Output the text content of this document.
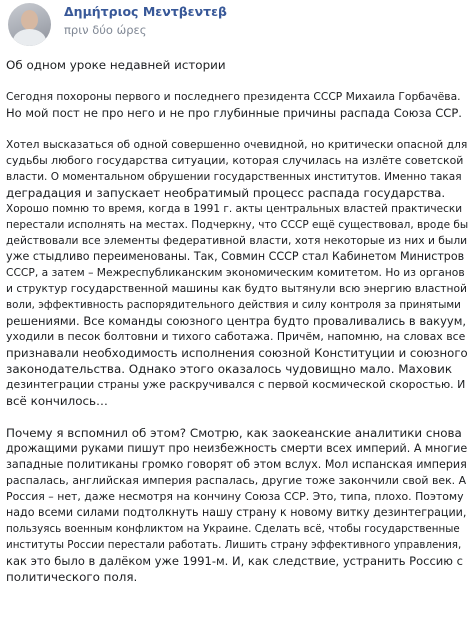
Δημήτριος Μεντβεντεβ
πριν δύο ώρες
Об одном уроке недавней истории
Сегодня похороны первого и последнего президента СССР Михаила Горбачёва.
Но мой пост не про него и не про глубинные причины распада Союза ССР.
Хотел высказаться об одной совершенно очевидной, но критически опасной для
судьбы любого государства ситуации, которая случилась на излёте советской
власти. О моментальном обрушении государственных институтов. Именно такая
деградация и запускает необратимый процесс распада государства.
Хорошо помню то время, когда в 1991 г. акты центральных властей практически
перестали исполнять на местах. Подчеркну, что СССР ещё существовал, вроде бы
действовали все элементы федеративной власти, хотя некоторые из них и были
уже стыдливо переименованы. Так, Совмин СССР стал Кабинетом Министров
СССР, а затем – Межреспубликанским экономическим комитетом. Но из органов
и структур государственной машины как будто вытянули всю энергию властной
воли, эффективность распорядительного действия и силу контроля за принятыми
решениями. Все команды союзного центра будто проваливались в вакуум,
уходили в песок болтовни и тихого саботажа. Причём, напомню, на словах все
признавали необходимость исполнения союзной Конституции и союзного
законодательства. Однако этого оказалось чудовищно мало. Маховик
дезинтеграции страны уже раскручивался с первой космической скоростью. И
всё кончилось…
Почему я вспомнил об этом? Смотрю, как заокеанские аналитики снова
дрожащими руками пишут про неизбежность смерти всех империй. А многие
западные политиканы громко говорят об этом вслух. Мол испанская империя
распалась, английская империя распалась, другие тоже закончили свой век. А
Россия – нет, даже несмотря на кончину Союза ССР. Это, типа, плохо. Поэтому
надо всеми силами подтолкнуть нашу страну к новому витку дезинтеграции,
пользуясь военным конфликтом на Украине. Сделать всё, чтобы государственные
институты России перестали работать. Лишить страну эффективного управления,
как это было в далёком уже 1991-м. И, как следствие, устранить Россию с
политического поля.
